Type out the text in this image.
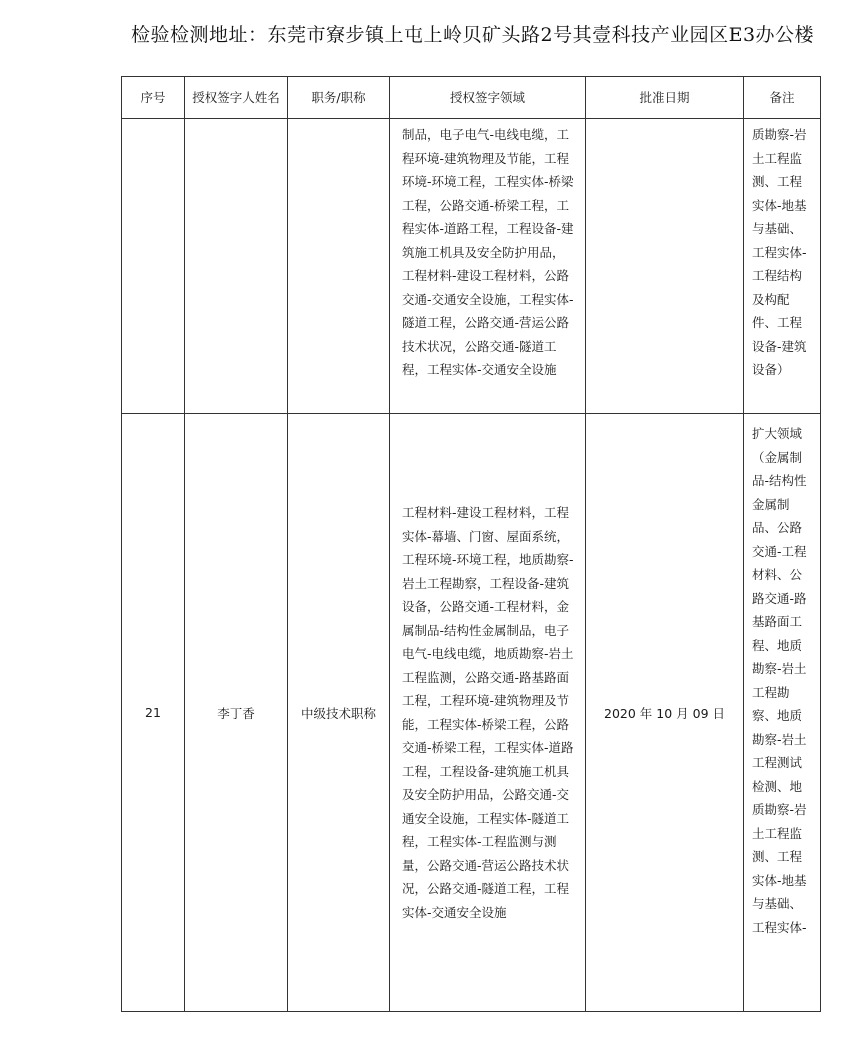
检验检测地址：东莞市寮步镇上屯上岭贝矿头路2号其壹科技产业园区E3办公楼
序号	授权签字人姓名	职务/职称	授权签字领域	批准日期	备注
			制品，电子电气-电线电缆，工程环境-建筑物理及节能，工程环境-环境工程，工程实体-桥梁工程，公路交通-桥梁工程，工程实体-道路工程，工程设备-建筑施工机具及安全防护用品，工程材料-建设工程材料，公路交通-交通安全设施，工程实体-隧道工程，公路交通-营运公路技术状况，公路交通-隧道工程，工程实体-交通安全设施		质勘察-岩土工程监测、工程实体-地基与基础、工程实体-工程结构及构配件、工程设备-建筑设备）
21	李丁香	中级技术职称	工程材料-建设工程材料，工程实体-幕墙、门窗、屋面系统，工程环境-环境工程，地质勘察-岩土工程勘察，工程设备-建筑设备，公路交通-工程材料，金属制品-结构性金属制品，电子电气-电线电缆，地质勘察-岩土工程监测，公路交通-路基路面工程，工程环境-建筑物理及节能，工程实体-桥梁工程，公路交通-桥梁工程，工程实体-道路工程，工程设备-建筑施工机具及安全防护用品，公路交通-交通安全设施，工程实体-隧道工程，工程实体-工程监测与测量，公路交通-营运公路技术状况，公路交通-隧道工程，工程实体-交通安全设施	2020 年 10 月 09 日	扩大领域（金属制品-结构性金属制品、公路交通-工程材料、公路交通-路基路面工程、地质勘察-岩土工程勘察、地质勘察-岩土工程测试检测、地质勘察-岩土工程监测、工程实体-地基与基础、工程实体-
